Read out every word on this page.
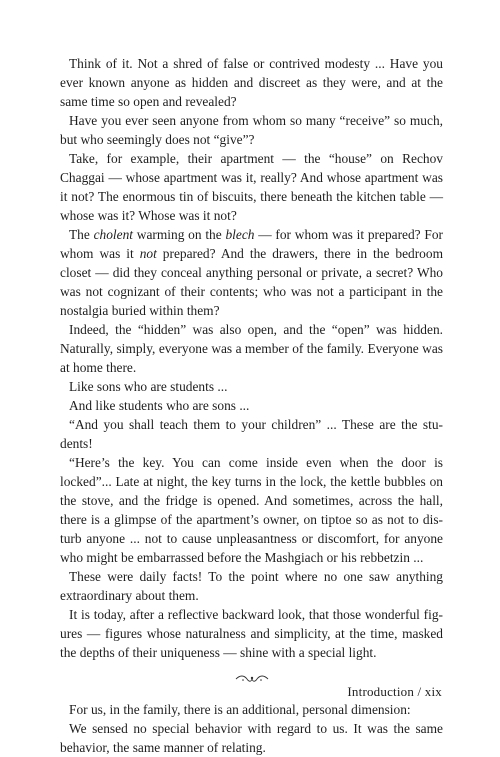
Think of it. Not a shred of false or contrived modesty ... Have you ever known anyone as hidden and discreet as they were, and at the same time so open and revealed?

Have you ever seen anyone from whom so many “receive” so much, but who seemingly does not “give”?

Take, for example, their apartment — the “house” on Rechov Chaggai — whose apartment was it, really? And whose apartment was it not? The enormous tin of biscuits, there beneath the kitchen table — whose was it? Whose was it not?

The cholent warming on the blech — for whom was it prepared? For whom was it not prepared? And the drawers, there in the bedroom closet — did they conceal anything personal or private, a secret? Who was not cognizant of their contents; who was not a participant in the nostalgia buried within them?

Indeed, the “hidden” was also open, and the “open” was hidden. Naturally, simply, everyone was a member of the family. Everyone was at home there.

Like sons who are students ...

And like students who are sons ...

“And you shall teach them to your children” ... These are the students!

“Here’s the key. You can come inside even when the door is locked”... Late at night, the key turns in the lock, the kettle bubbles on the stove, and the fridge is opened. And sometimes, across the hall, there is a glimpse of the apartment’s owner, on tiptoe so as not to disturb anyone ... not to cause unpleasantness or discomfort, for anyone who might be embarrassed before the Mashgiach or his rebbetzin ...

These were daily facts! To the point where no one saw anything extraordinary about them.

It is today, after a reflective backward look, that those wonderful figures — figures whose naturalness and simplicity, at the time, masked the depths of their uniqueness — shine with a special light.

For us, in the family, there is an additional, personal dimension:

We sensed no special behavior with regard to us. It was the same behavior, the same manner of relating.

Introduction / xix
